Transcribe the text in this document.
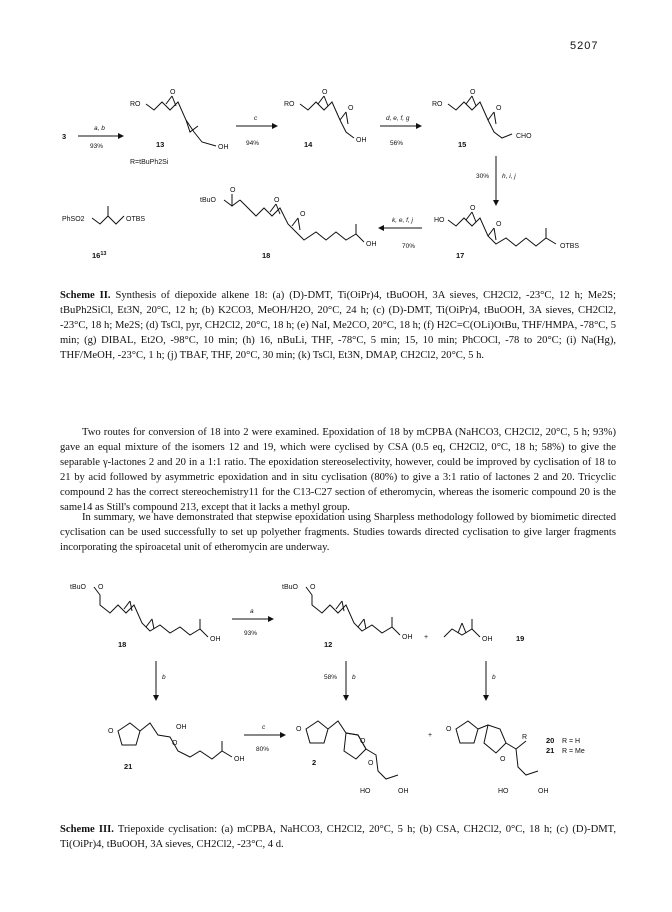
5207
3
a, b
93%
RO
O
OH
13
R=tBuPh2Si
c
94%
RO
O
O
OH
14
d, e, f, g
56%
RO
O
O
CHO
15
30% h, i, j
PhSO2	OTBS
$16^{13}$
tBuO
O
O
O
OH
18
k, e, f, j
70%
HO
O
O
OTBS
17
Scheme II. Synthesis of diepoxide alkene 18: (a) (D)-DMT, Ti(OiPr)4, tBuOOH, 3A sieves, CH2Cl2, -23°C, 12 h; Me2S; tBuPh2SiCl, Et3N, 20°C, 12 h; (b) K2CO3, MeOH/H2O, 20°C, 24 h; (c) (D)-DMT, Ti(OiPr)4, tBuOOH, 3A sieves, CH2Cl2, -23°C, 18 h; Me2S; (d) TsCl, pyr, CH2Cl2, 20°C, 18 h; (e) NaI, Me2CO, 20°C, 18 h; (f) H2C=C(OLi)OtBu, THF/HMPA, -78°C, 5 min; (g) DIBAL, Et2O, -98°C, 10 min; (h) 16, nBuLi, THF, -78°C, 5 min; 15, 10 min; PhCOCl, -78 to 20°C; (i) Na(Hg), THF/MeOH, -23°C, 1 h; (j) TBAF, THF, 20°C, 30 min; (k) TsCl, Et3N, DMAP, CH2Cl2, 20°C, 5 h.
Two routes for conversion of 18 into 2 were examined. Epoxidation of 18 by mCPBA (NaHCO3, CH2Cl2, 20°C, 5 h; 93%) gave an equal mixture of the isomers 12 and 19, which were cyclised by CSA (0.5 eq, CH2Cl2, 0°C, 18 h; 58%) to give the separable γ-lactones 2 and 20 in a 1:1 ratio. The epoxidation stereoselectivity, however, could be improved by cyclisation of 18 to 21 by acid followed by asymmetric epoxidation and in situ cyclisation (80%) to give a 3:1 ratio of lactones 2 and 20. Tricyclic compound 2 has the correct stereochemistry11 for the C13-C27 section of etheromycin, whereas the isomeric compound 20 is the same14 as Still's compound 213, except that it lacks a methyl group.
In summary, we have demonstrated that stepwise epoxidation using Sharpless methodology followed by biomimetic directed cyclisation can be used successfully to set up polyether fragments. Studies towards directed cyclisation to give larger fragments incorporating the spiroacetal unit of etheromycin are underway.
tBuO O
OH
18
a
93%
tBuO O
OH
12
+	OH	19
b	58% b	b
O
O
OH
OH
21
c
80%
O
O
O
HO	OH
2
+
O
R
O
HO	OH
20 R = H
21 R = Me
Scheme III. Triepoxide cyclisation: (a) mCPBA, NaHCO3, CH2Cl2, 20°C, 5 h; (b) CSA, CH2Cl2, 0°C, 18 h; (c) (D)-DMT, Ti(OiPr)4, tBuOOH, 3A sieves, CH2Cl2, -23°C, 4 d.
